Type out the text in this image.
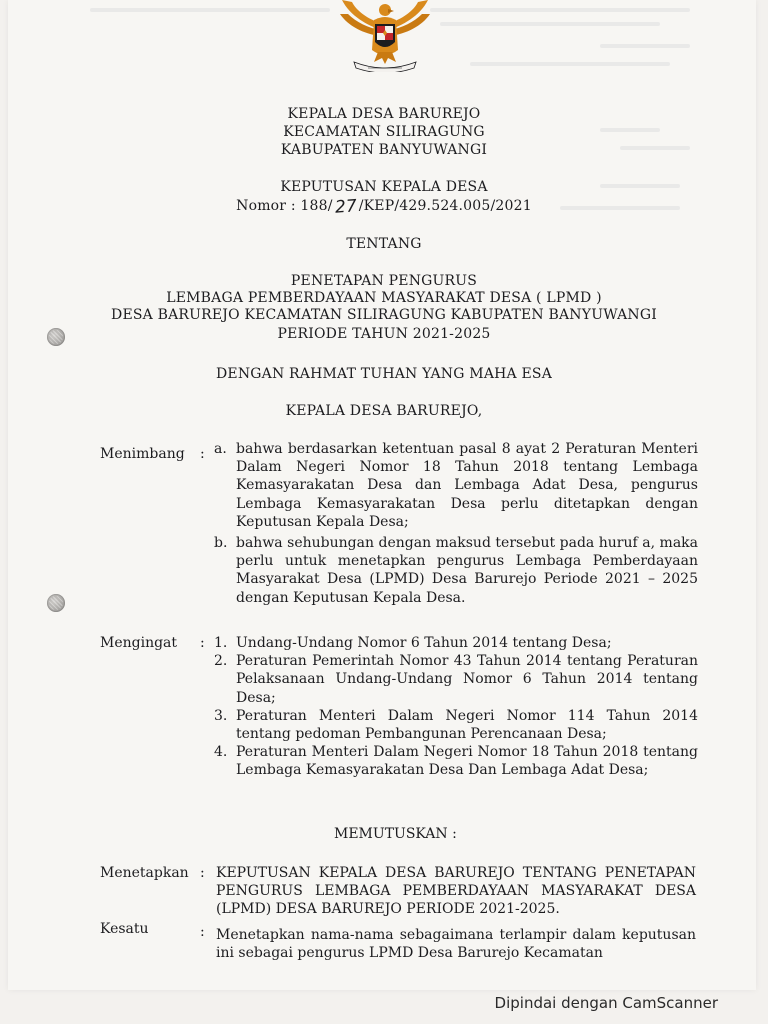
KEPALA DESA BARUREJO
KECAMATAN SILIRAGUNG
KABUPATEN BANYUWANGI
KEPUTUSAN KEPALA DESA
Nomor : 188/27/KEP/429.524.005/2021
TENTANG
PENETAPAN PENGURUS
LEMBAGA PEMBERDAYAAN MASYARAKAT DESA ( LPMD )
DESA BARUREJO KECAMATAN SILIRAGUNG KABUPATEN BANYUWANGI
PERIODE TAHUN 2021-2025
DENGAN RAHMAT TUHAN YANG MAHA ESA
KEPALA DESA BARUREJO,
Menimbang : a. bahwa berdasarkan ketentuan pasal 8 ayat 2 Peraturan Menteri Dalam Negeri Nomor 18 Tahun 2018 tentang Lembaga Kemasyarakatan Desa dan Lembaga Adat Desa, pengurus Lembaga Kemasyarakatan Desa perlu ditetapkan dengan Keputusan Kepala Desa;
b. bahwa sehubungan dengan maksud tersebut pada huruf a, maka perlu untuk menetapkan pengurus Lembaga Pemberdayaan Masyarakat Desa (LPMD) Desa Barurejo Periode 2021 – 2025 dengan Keputusan Kepala Desa.
Mengingat : 1. Undang-Undang Nomor 6 Tahun 2014 tentang Desa;
2. Peraturan Pemerintah Nomor 43 Tahun 2014 tentang Peraturan Pelaksanaan Undang-Undang Nomor 6 Tahun 2014 tentang Desa;
3. Peraturan Menteri Dalam Negeri Nomor 114 Tahun 2014 tentang pedoman Pembangunan Perencanaan Desa;
4. Peraturan Menteri Dalam Negeri Nomor 18 Tahun 2018 tentang Lembaga Kemasyarakatan Desa Dan Lembaga Adat Desa;
MEMUTUSKAN :
Menetapkan : KEPUTUSAN KEPALA DESA BARUREJO TENTANG PENETAPAN PENGURUS LEMBAGA PEMBERDAYAAN MASYARAKAT DESA (LPMD) DESA BARUREJO PERIODE 2021-2025.
Kesatu	: Menetapkan nama-nama sebagaimana terlampir dalam keputusan ini sebagai pengurus LPMD Desa Barurejo Kecamatan
Dipindai dengan CamScanner
